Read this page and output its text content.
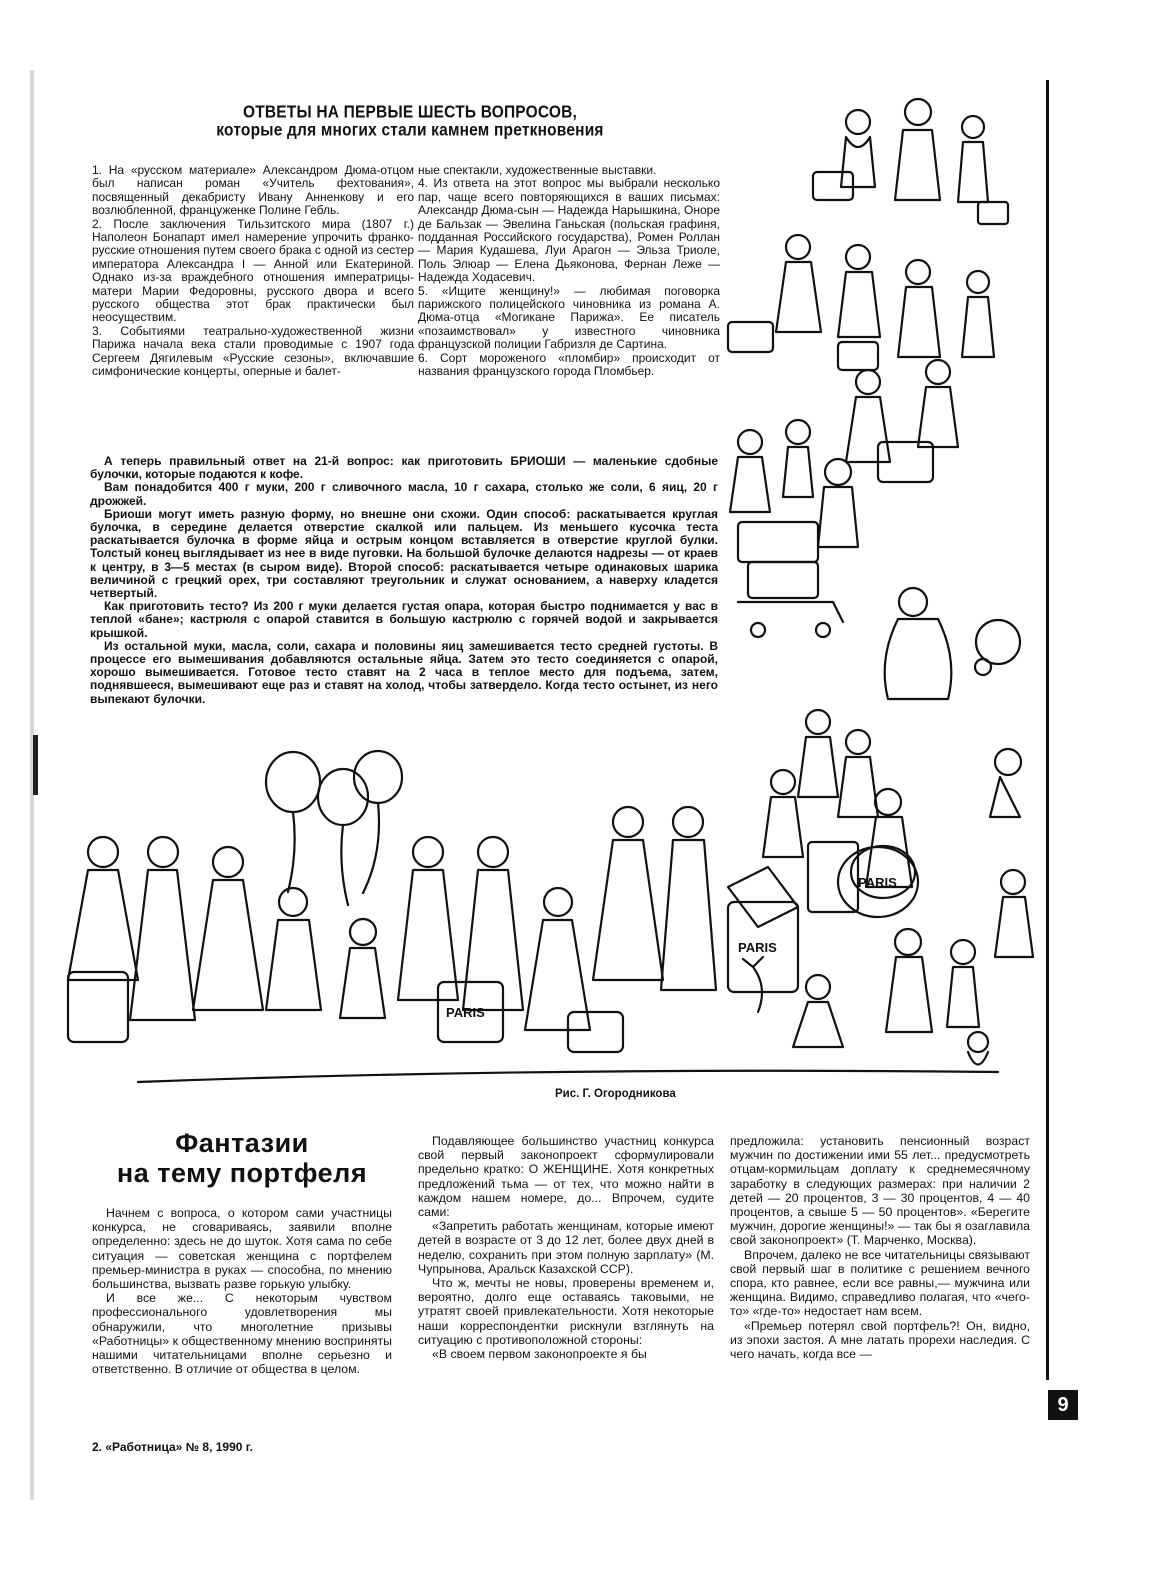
PARIS
PARIS
PARIS
ОТВЕТЫ НА ПЕРВЫЕ ШЕСТЬ ВОПРОСОВ,
которые для многих стали камнем преткновения

1. На «русском материале» Александром Дюма-отцом был написан роман «Учитель фехтования», посвященный декабристу Ивану Анненкову и его возлюбленной, француженке Полине Гебль.

2. После заключения Тильзитского мира (1807 г.) Наполеон Бонапарт имел намерение упрочить франко-русские отношения путем своего брака с одной из сестер императора Александра I — Анной или Екатериной. Однако из-за враждебного отношения императрицы-матери Марии Федоровны, русского двора и всего русского общества этот брак практически был неосуществим.

3. Событиями театрально-художественной жизни Парижа начала века стали проводимые с 1907 года Сергеем Дягилевым «Русские сезоны», включавшие симфонические концерты, оперные и балет-

ные спектакли, художественные выставки.

4. Из ответа на этот вопрос мы выбрали несколько пар, чаще всего повторяющихся в ваших письмах: Александр Дюма-сын — Надежда Нарышкина, Оноре де Бальзак — Эвелина Ганьская (польская графиня, подданная Российского государства), Ромен Роллан — Мария Кудашева, Луи Арагон — Эльза Триоле, Поль Элюар — Елена Дьяконова, Фернан Леже — Надежда Ходасевич.

5. «Ищите женщину!» — любимая поговорка парижского полицейского чиновника из романа А. Дюма-отца «Могикане Парижа». Ее писатель «позаимствовал» у известного чиновника французской полиции Габризля де Сартина.

6. Сорт мороженого «пломбир» происходит от названия французского города Пломбьер.

А теперь правильный ответ на 21-й вопрос: как приготовить БРИОШИ — маленькие сдобные булочки, которые подаются к кофе.

Вам понадобится 400 г муки, 200 г сливочного масла, 10 г сахара, столько же соли, 6 яиц, 20 г дрожжей.

Бриоши могут иметь разную форму, но внешне они схожи. Один способ: раскатывается круглая булочка, в середине делается отверстие скалкой или пальцем. Из меньшего кусочка теста раскатывается булочка в форме яйца и острым концом вставляется в отверстие круглой булки. Толстый конец выглядывает из нее в виде пуговки. На большой булочке делаются надрезы — от краев к центру, в 3—5 местах (в сыром виде). Второй способ: раскатывается четыре одинаковых шарика величиной с грецкий орех, три составляют треугольник и служат основанием, а наверху кладется четвертый.

Как приготовить тесто? Из 200 г муки делается густая опара, которая быстро поднимается у вас в теплой «бане»; кастрюля с опарой ставится в большую кастрюлю с горячей водой и закрывается крышкой.

Из остальной муки, масла, соли, сахара и половины яиц замешивается тесто средней густоты. В процессе его вымешивания добавляются остальные яйца. Затем это тесто соединяется с опарой, хорошо вымешивается. Готовое тесто ставят на 2 часа в теплое место для подъема, затем, поднявшееся, вымешивают еще раз и ставят на холод, чтобы затвердело. Когда тесто остынет, из него выпекают булочки.

Рис. Г. Огородникова
Фантазии
на тему портфеля

Начнем с вопроса, о котором сами участницы конкурса, не сговариваясь, заявили вполне определенно: здесь не до шуток. Хотя сама по себе ситуация — советская женщина с портфелем премьер-министра в руках — способна, по мнению большинства, вызвать разве горькую улыбку.

И все же... С некоторым чувством профессионального удовлетворения мы обнаружили, что многолетние призывы «Работницы» к общественному мнению восприняты нашими читательницами вполне серьезно и ответственно. В отличие от общества в целом.

Подавляющее большинство участниц конкурса свой первый законопроект сформулировали предельно кратко: О ЖЕНЩИНЕ. Хотя конкретных предложений тьма — от тех, что можно найти в каждом нашем номере, до... Впрочем, судите сами:

«Запретить работать женщинам, которые имеют детей в возрасте от 3 до 12 лет, более двух дней в неделю, сохранить при этом полную зарплату» (М. Чупрынова, Аральск Казахской ССР).

Что ж, мечты не новы, проверены временем и, вероятно, долго еще оставаясь таковыми, не утратят своей привлекательности. Хотя некоторые наши корреспондентки рискнули взглянуть на ситуацию с противоположной стороны:

«В своем первом законопроекте я бы

предложила: установить пенсионный возраст мужчин по достижении ими 55 лет... предусмотреть отцам-кормильцам доплату к среднемесячному заработку в следующих размерах: при наличии 2 детей — 20 процентов, 3 — 30 процентов, 4 — 40 процентов, а свыше 5 — 50 процентов». «Берегите мужчин, дорогие женщины!» — так бы я озаглавила свой законопроект» (Т. Марченко, Москва).

Впрочем, далеко не все читательницы связывают свой первый шаг в политике с решением вечного спора, кто равнее, если все равны,— мужчина или женщина. Видимо, справедливо полагая, что «чего-то» «где-то» недостает нам всем.

«Премьер потерял свой портфель?! Он, видно, из эпохи застоя. А мне латать прорехи наследия. С чего начать, когда все —

9
2. «Работница» № 8, 1990 г.
